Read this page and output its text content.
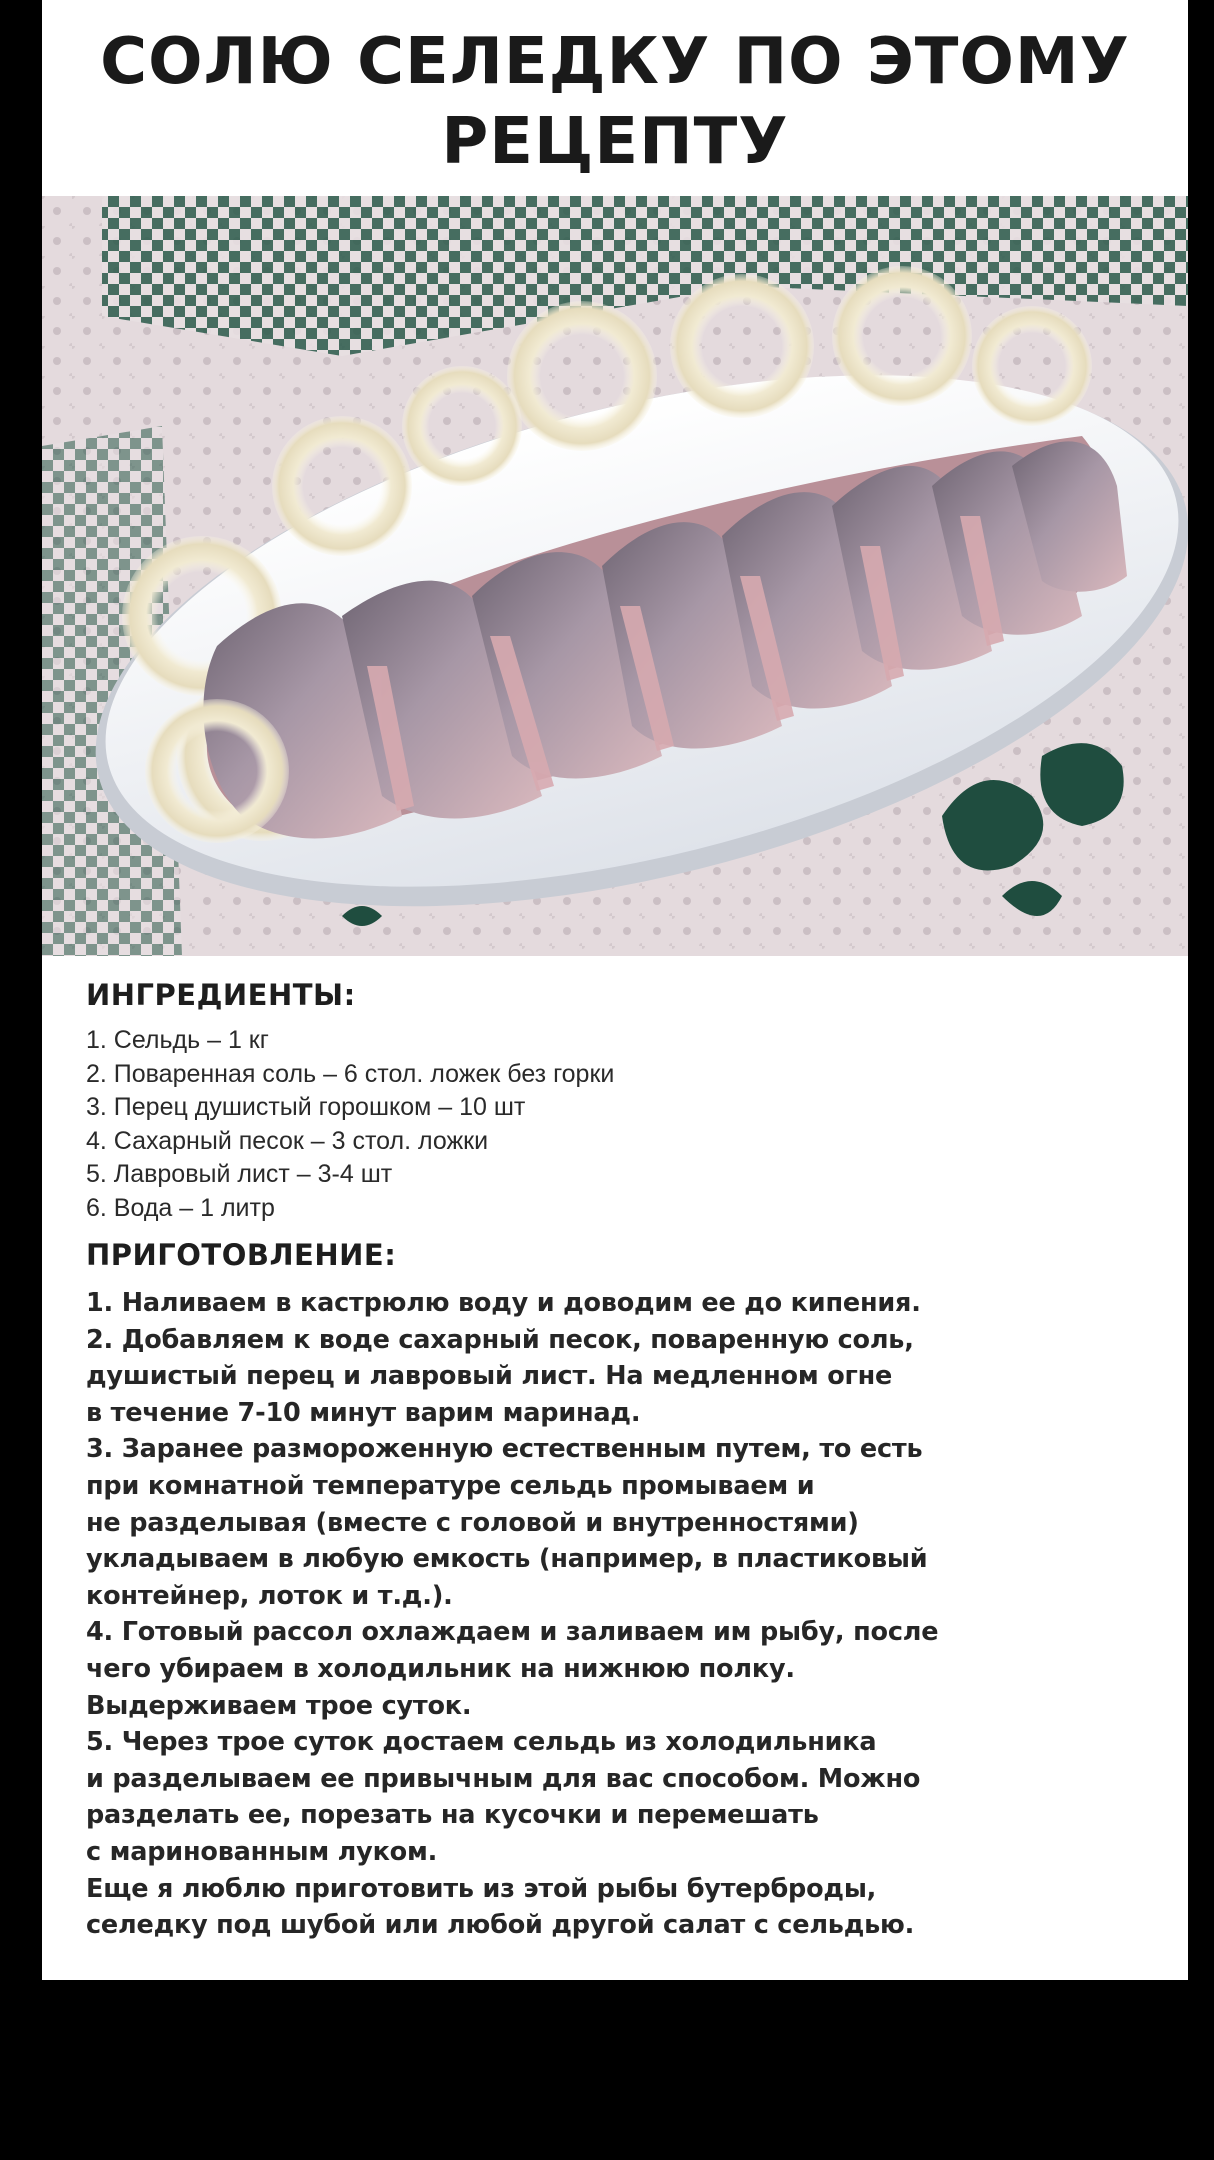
СОЛЮ СЕЛЕДКУ ПО ЭТОМУ
РЕЦЕПТУ
ИНГРЕДИЕНТЫ:
1. Сельдь – 1 кг
2. Поваренная соль – 6 стол. ложек без горки
3. Перец душистый горошком – 10 шт
4. Сахарный песок – 3 стол. ложки
5. Лавровый лист – 3-4 шт
6. Вода – 1 литр
ПРИГОТОВЛЕНИЕ:
1. Наливаем в кастрюлю воду и доводим ее до кипения.
2. Добавляем к воде сахарный песок, поваренную соль,
душистый перец и лавровый лист. На медленном огне
в течение 7-10 минут варим маринад.
3. Заранее размороженную естественным путем, то есть
при комнатной температуре сельдь промываем и
не разделывая (вместе с головой и внутренностями)
укладываем в любую емкость (например, в пластиковый
контейнер, лоток и т.д.).
4. Готовый рассол охлаждаем и заливаем им рыбу, после
чего убираем в холодильник на нижнюю полку.
Выдерживаем трое суток.
5. Через трое суток достаем сельдь из холодильника
и разделываем ее привычным для вас способом. Можно
разделать ее, порезать на кусочки и перемешать
с маринованным луком.
Еще я люблю приготовить из этой рыбы бутерброды,
селедку под шубой или любой другой салат с сельдью.
